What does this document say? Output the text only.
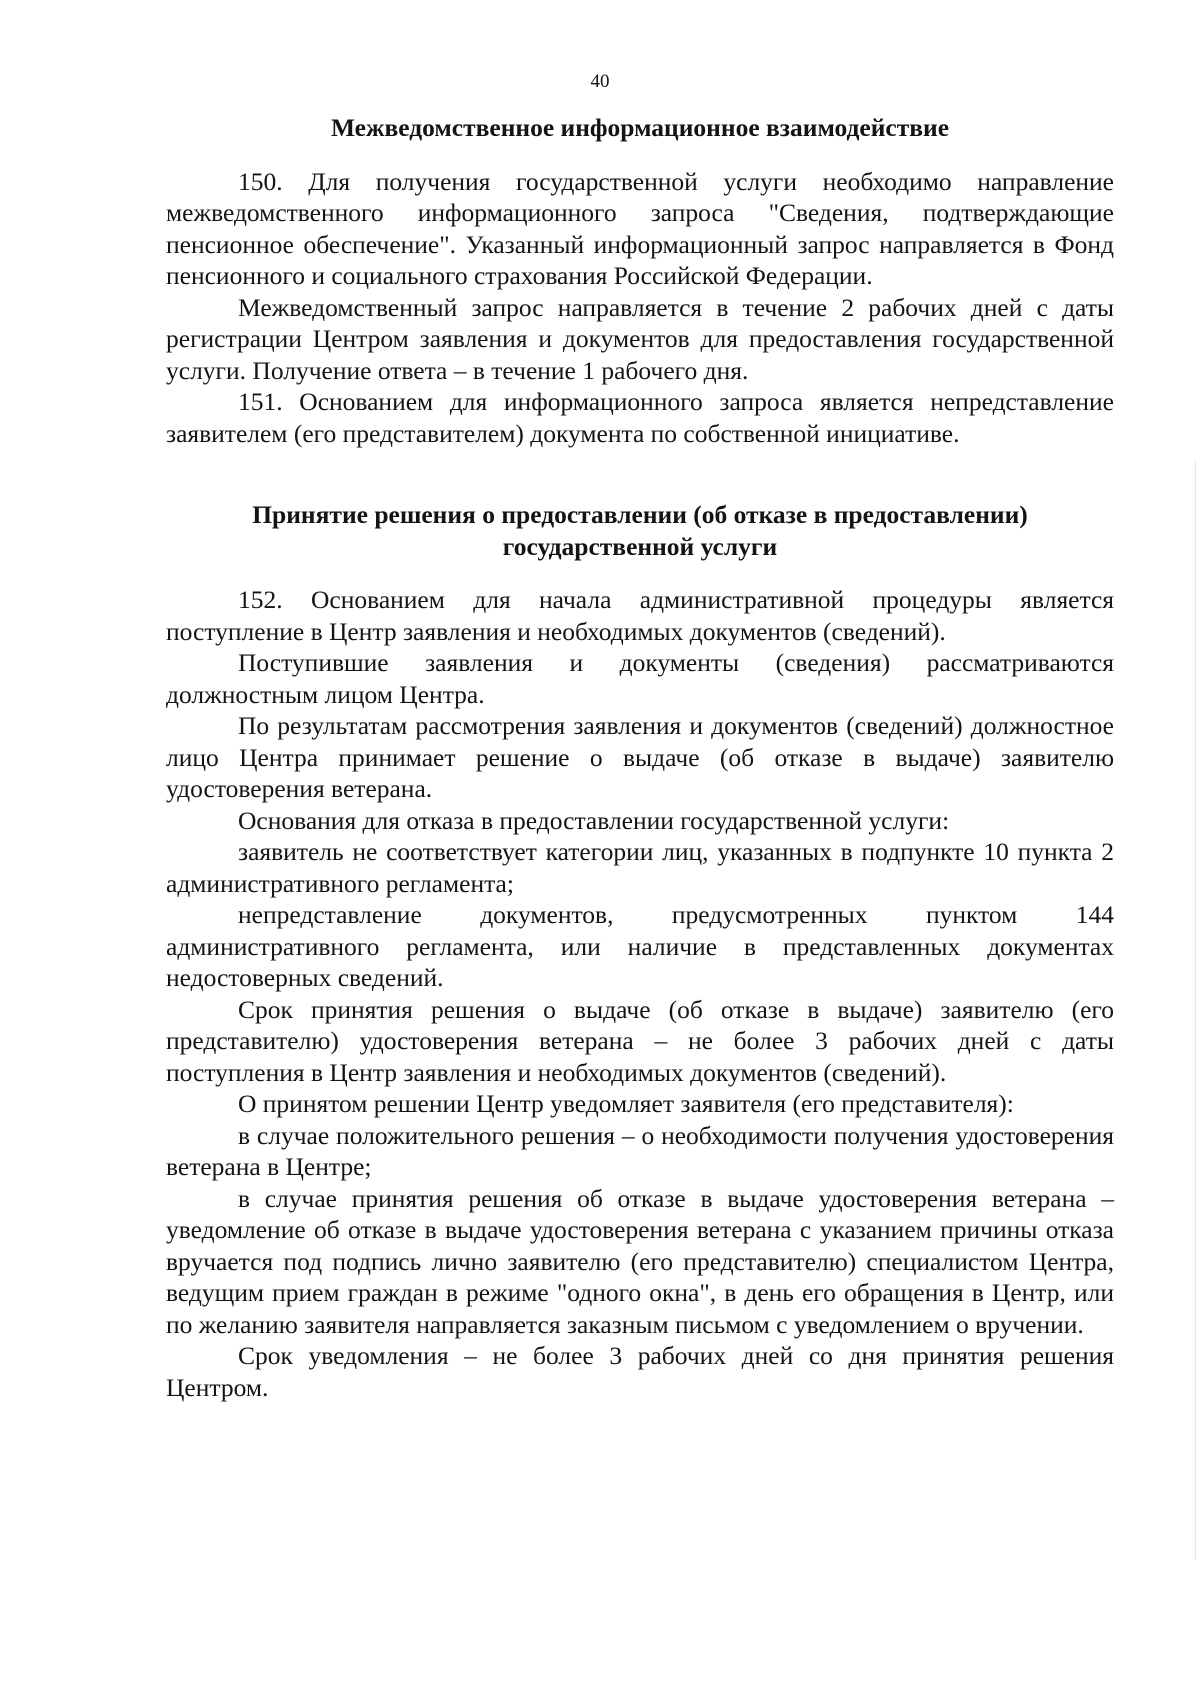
40
Межведомственное информационное взаимодействие

150. Для получения государственной услуги необходимо направление межведомственного информационного запроса "Сведения, подтверждающие пенсионное обеспечение". Указанный информационный запрос направляется в Фонд пенсионного и социального страхования Российской Федерации.

Межведомственный запрос направляется в течение 2 рабочих дней с даты регистрации Центром заявления и документов для предоставления государственной услуги. Получение ответа – в течение 1 рабочего дня.

151. Основанием для информационного запроса является непредставление заявителем (его представителем) документа по собственной инициативе.

Принятие решения о предоставлении (об отказе в предоставлении)
государственной услуги

152. Основанием для начала административной процедуры является поступление в Центр заявления и необходимых документов (сведений).

Поступившие заявления и документы (сведения) рассматриваются должностным лицом Центра.

По результатам рассмотрения заявления и документов (сведений) должностное лицо Центра принимает решение о выдаче (об отказе в выдаче) заявителю удостоверения ветерана.

Основания для отказа в предоставлении государственной услуги:

заявитель не соответствует категории лиц, указанных в подпункте 10 пункта 2 административного регламента;

непредставление документов, предусмотренных пунктом 144 административного регламента, или наличие в представленных документах недостоверных сведений.

Срок принятия решения о выдаче (об отказе в выдаче) заявителю (его представителю) удостоверения ветерана – не более 3 рабочих дней с даты поступления в Центр заявления и необходимых документов (сведений).

О принятом решении Центр уведомляет заявителя (его представителя):

в случае положительного решения – о необходимости получения удостоверения ветерана в Центре;

в случае принятия решения об отказе в выдаче удостоверения ветерана – уведомление об отказе в выдаче удостоверения ветерана с указанием причины отказа вручается под подпись лично заявителю (его представителю) специалистом Центра, ведущим прием граждан в режиме "одного окна", в день его обращения в Центр, или по желанию заявителя направляется заказным письмом с уведомлением о вручении.

Срок уведомления – не более 3 рабочих дней со дня принятия решения Центром.
